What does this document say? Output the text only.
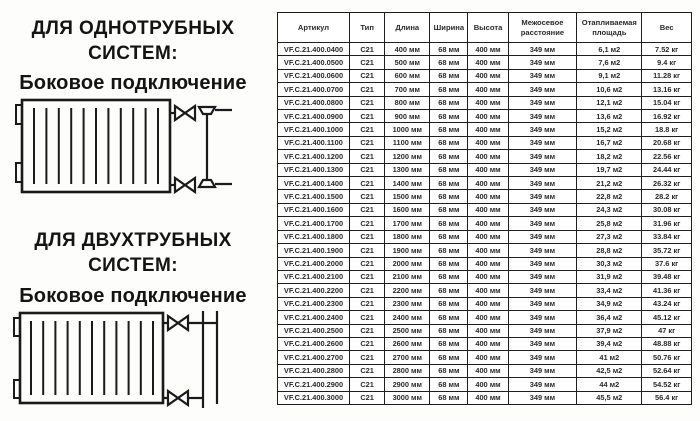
ДЛЯ ОДНОТРУБНЫХ
СИСТЕМ:
Боковое подключение
ДЛЯ ДВУХТРУБНЫХ
СИСТЕМ:
Боковое подключение
Артикул	Тип	Длина	Ширина	Высота	Межосевое расстояние	Отапливаемая площадь	Вес
VF.C.21.400.0400	C21	400 мм	68 мм	400 мм	349 мм	6,1 м2	7.52 кг
VF.C.21.400.0500	C21	500 мм	68 мм	400 мм	349 мм	7,6 м2	9.4 кг
VF.C.21.400.0600	C21	600 мм	68 мм	400 мм	349 мм	9,1 м2	11.28 кг
VF.C.21.400.0700	C21	700 мм	68 мм	400 мм	349 мм	10,6 м2	13.16 кг
VF.C.21.400.0800	C21	800 мм	68 мм	400 мм	349 мм	12,1 м2	15.04 кг
VF.C.21.400.0900	C21	900 мм	68 мм	400 мм	349 мм	13,6 м2	16.92 кг
VF.C.21.400.1000	C21	1000 мм	68 мм	400 мм	349 мм	15,2 м2	18.8 кг
VF.C.21.400.1100	C21	1100 мм	68 мм	400 мм	349 мм	16,7 м2	20.68 кг
VF.C.21.400.1200	C21	1200 мм	68 мм	400 мм	349 мм	18,2 м2	22.56 кг
VF.C.21.400.1300	C21	1300 мм	68 мм	400 мм	349 мм	19,7 м2	24.44 кг
VF.C.21.400.1400	C21	1400 мм	68 мм	400 мм	349 мм	21,2 м2	26.32 кг
VF.C.21.400.1500	C21	1500 мм	68 мм	400 мм	349 мм	22,8 м2	28.2 кг
VF.C.21.400.1600	C21	1600 мм	68 мм	400 мм	349 мм	24,3 м2	30.08 кг
VF.C.21.400.1700	C21	1700 мм	68 мм	400 мм	349 мм	25,8 м2	31.96 кг
VF.C.21.400.1800	C21	1800 мм	68 мм	400 мм	349 мм	27,3 м2	33.84 кг
VF.C.21.400.1900	C21	1900 мм	68 мм	400 мм	349 мм	28,8 м2	35.72 кг
VF.C.21.400.2000	C21	2000 мм	68 мм	400 мм	349 мм	30,3 м2	37.6 кг
VF.C.21.400.2100	C21	2100 мм	68 мм	400 мм	349 мм	31,9 м2	39.48 кг
VF.C.21.400.2200	C21	2200 мм	68 мм	400 мм	349 мм	33,4 м2	41.36 кг
VF.C.21.400.2300	C21	2300 мм	68 мм	400 мм	349 мм	34,9 м2	43.24 кг
VF.C.21.400.2400	C21	2400 мм	68 мм	400 мм	349 мм	36,4 м2	45.12 кг
VF.C.21.400.2500	C21	2500 мм	68 мм	400 мм	349 мм	37,9 м2	47 кг
VF.C.21.400.2600	C21	2600 мм	68 мм	400 мм	349 мм	39,4 м2	48.88 кг
VF.C.21.400.2700	C21	2700 мм	68 мм	400 мм	349 мм	41 м2	50.76 кг
VF.C.21.400.2800	C21	2800 мм	68 мм	400 мм	349 мм	42,5 м2	52.64 кг
VF.C.21.400.2900	C21	2900 мм	68 мм	400 мм	349 мм	44 м2	54.52 кг
VF.C.21.400.3000	C21	3000 мм	68 мм	400 мм	349 мм	45,5 м2	56.4 кг
